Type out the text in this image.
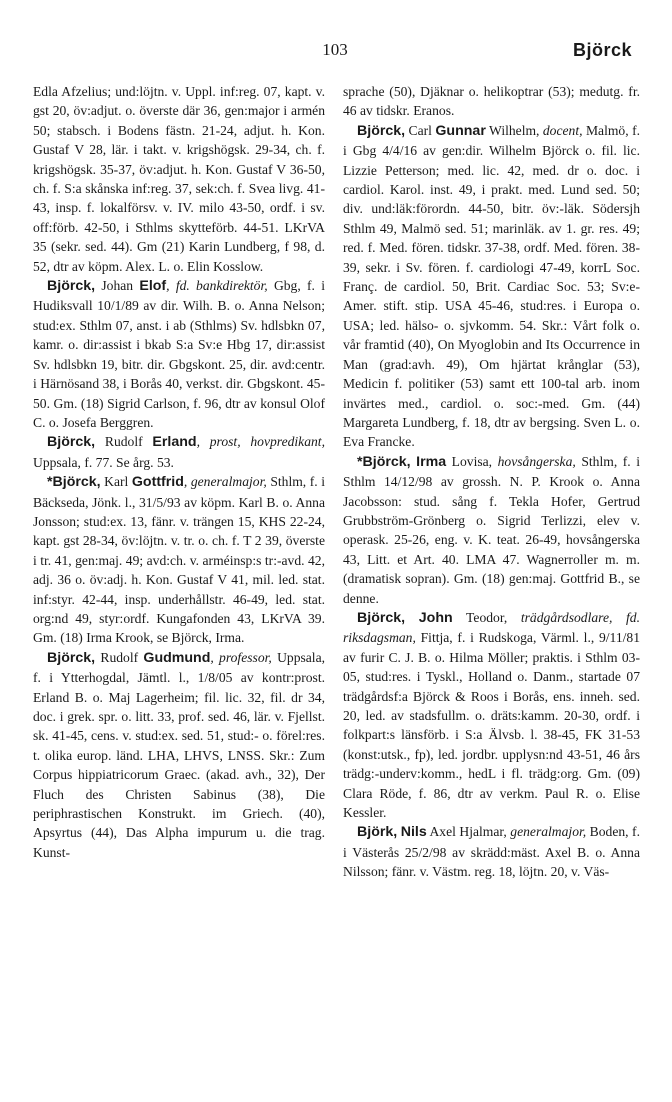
103	Björck

Edla Afzelius; und:löjtn. v. Uppl. inf:reg. 07, kapt. v. gst 20, öv:adjut. o. överste där 36, gen:major i armén 50; stabsch. i Bodens fästn. 21-24, adjut. h. Kon. Gustaf V 28, lär. i takt. v. krigshögsk. 29-34, ch. f. krigshögsk. 35-37, öv:adjut. h. Kon. Gustaf V 36-50, ch. f. S:a skånska inf:reg. 37, sek:ch. f. Svea livg. 41-43, insp. f. lokalförsv. v. IV. milo 43-50, ordf. i sv. off:förb. 42-50, i Sthlms skytteförb. 44-51. LKrVA 35 (sekr. sed. 44). Gm (21) Karin Lundberg, f 98, d. 52, dtr av köpm. Alex. L. o. Elin Kosslow.

Björck, Johan Elof, fd. bankdirektör, Gbg, f. i Hudiksvall 10/1/89 av dir. Wilh. B. o. Anna Nelson; stud:ex. Sthlm 07, anst. i ab (Sthlms) Sv. hdlsbkn 07, kamr. o. dir:assist i bkab S:a Sv:e Hbg 17, dir:assist Sv. hdlsbkn 19, bitr. dir. Gbgskont. 25, dir. avd:centr. i Härnösand 38, i Borås 40, verkst. dir. Gbgskont. 45-50. Gm. (18) Sigrid Carlson, f. 96, dtr av konsul Olof C. o. Josefa Berggren.

Björck, Rudolf Erland, prost, hovpredikant, Uppsala, f. 77. Se årg. 53.

*Björck, Karl Gottfrid, generalmajor, Sthlm, f. i Bäckseda, Jönk. l., 31/5/93 av köpm. Karl B. o. Anna Jonsson; stud:ex. 13, fänr. v. trängen 15, KHS 22-24, kapt. gst 28-34, öv:löjtn. v. tr. o. ch. f. T 2 39, överste i tr. 41, gen:maj. 49; avd:ch. v. arméinsp:s tr:-avd. 42, adj. 36 o. öv:adj. h. Kon. Gustaf V 41, mil. led. stat. inf:styr. 42-44, insp. underhållstr. 46-49, led. stat. org:nd 49, styr:ordf. Kungafonden 43, LKrVA 39. Gm. (18) Irma Krook, se Björck, Irma.

Björck, Rudolf Gudmund, professor, Uppsala, f. i Ytterhogdal, Jämtl. l., 1/8/05 av kontr:prost. Erland B. o. Maj Lagerheim; fil. lic. 32, fil. dr 34, doc. i grek. spr. o. litt. 33, prof. sed. 46, lär. v. Fjellst. sk. 41-45, cens. v. stud:ex. sed. 51, stud:- o. förel:res. t. olika europ. länd. LHA, LHVS, LNSS. Skr.: Zum Corpus hippiatricorum Graec. (akad. avh., 32), Der Fluch des Christen Sabinus (38), Die periphrastischen Konstrukt. im Griech. (40), Apsyrtus (44), Das Alpha impurum u. die trag. Kunst-

sprache (50), Djäknar o. helikoptrar (53); medutg. fr. 46 av tidskr. Eranos.

Björck, Carl Gunnar Wilhelm, docent, Malmö, f. i Gbg 4/4/16 av gen:dir. Wilhelm Björck o. fil. lic. Lizzie Petterson; med. lic. 42, med. dr o. doc. i cardiol. Karol. inst. 49, i prakt. med. Lund sed. 50; div. und:läk:förordn. 44-50, bitr. öv:-läk. Södersjh Sthlm 49, Malmö sed. 51; marinläk. av 1. gr. res. 49; red. f. Med. fören. tidskr. 37-38, ordf. Med. fören. 38-39, sekr. i Sv. fören. f. cardiologi 47-49, korrL Soc. Franç. de cardiol. 50, Brit. Cardiac Soc. 53; Sv:e-Amer. stift. stip. USA 45-46, stud:res. i Europa o. USA; led. hälso- o. sjvkomm. 54. Skr.: Vårt folk o. vår framtid (40), On Myoglobin and Its Occurrence in Man (grad:avh. 49), Om hjärtat krånglar (53), Medicin f. politiker (53) samt ett 100-tal arb. inom invärtes med., cardiol. o. soc:-med. Gm. (44) Margareta Lundberg, f. 18, dtr av bergsing. Sven L. o. Eva Francke.

*Björck, Irma Lovisa, hovsångerska, Sthlm, f. i Sthlm 14/12/98 av grossh. N. P. Krook o. Anna Jacobsson: stud. sång f. Tekla Hofer, Gertrud Grubbström-Grönberg o. Sigrid Terlizzi, elev v. operask. 25-26, eng. v. K. teat. 26-49, hovsångerska 43, Litt. et Art. 40. LMA 47. Wagnerroller m. m. (dramatisk sopran). Gm. (18) gen:maj. Gottfrid B., se denne.

Björck, John Teodor, trädgårdsodlare, fd. riksdagsman, Fittja, f. i Rudskoga, Värml. l., 9/11/81 av furir C. J. B. o. Hilma Möller; praktis. i Sthlm 03-05, stud:res. i Tyskl., Holland o. Danm., startade 07 trädgårdsf:a Björck & Roos i Borås, ens. inneh. sed. 20, led. av stadsfullm. o. dräts:kamm. 20-30, ordf. i folkpart:s länsförb. i S:a Älvsb. l. 38-45, FK 31-53 (konst:utsk., fp), led. jordbr. upplysn:nd 43-51, 46 års trädg:-underv:komm., hedL i fl. trädg:org. Gm. (09) Clara Röde, f. 86, dtr av verkm. Paul R. o. Elise Kessler.

Björk, Nils Axel Hjalmar, generalmajor, Boden, f. i Västerås 25/2/98 av skrädd:mäst. Axel B. o. Anna Nilsson; fänr. v. Västm. reg. 18, löjtn. 20, v. Väs-
